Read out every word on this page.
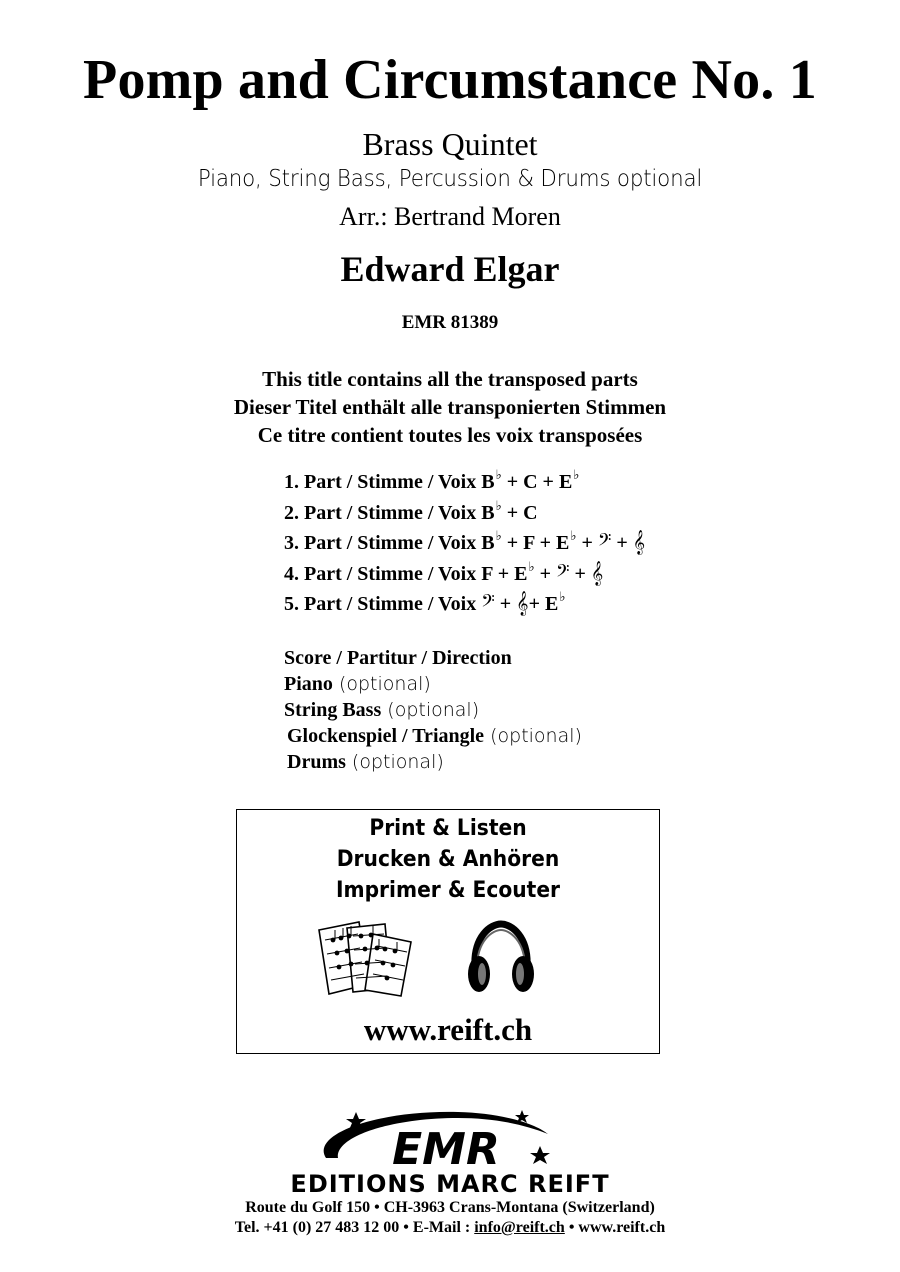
Pomp and Circumstance No. 1
Brass Quintet
Piano, String Bass, Percussion & Drums optional
Arr.: Bertrand Moren
Edward Elgar
EMR 81389
This title contains all the transposed parts
Dieser Titel enthält alle transponierten Stimmen
Ce titre contient toutes les voix transposées
1. Part / Stimme / Voix B♭ + C + E♭
2. Part / Stimme / Voix B♭ + C
3. Part / Stimme / Voix B♭ + F + E♭ + 𝄢 + 𝄞
4. Part / Stimme / Voix F + E♭ + 𝄢 + 𝄞
5. Part / Stimme / Voix 𝄢 + 𝄞+ E♭
Score / Partitur / Direction
Piano (optional)
String Bass (optional)
Glockenspiel / Triangle (optional)
Drums (optional)
Print & Listen
Drucken & Anhören
Imprimer & Ecouter
www.reift.ch
EMR
EDITIONS MARC REIFT
Route du Golf 150 • CH-3963 Crans-Montana (Switzerland)
Tel. +41 (0) 27 483 12 00 • E-Mail : info@reift.ch • www.reift.ch
